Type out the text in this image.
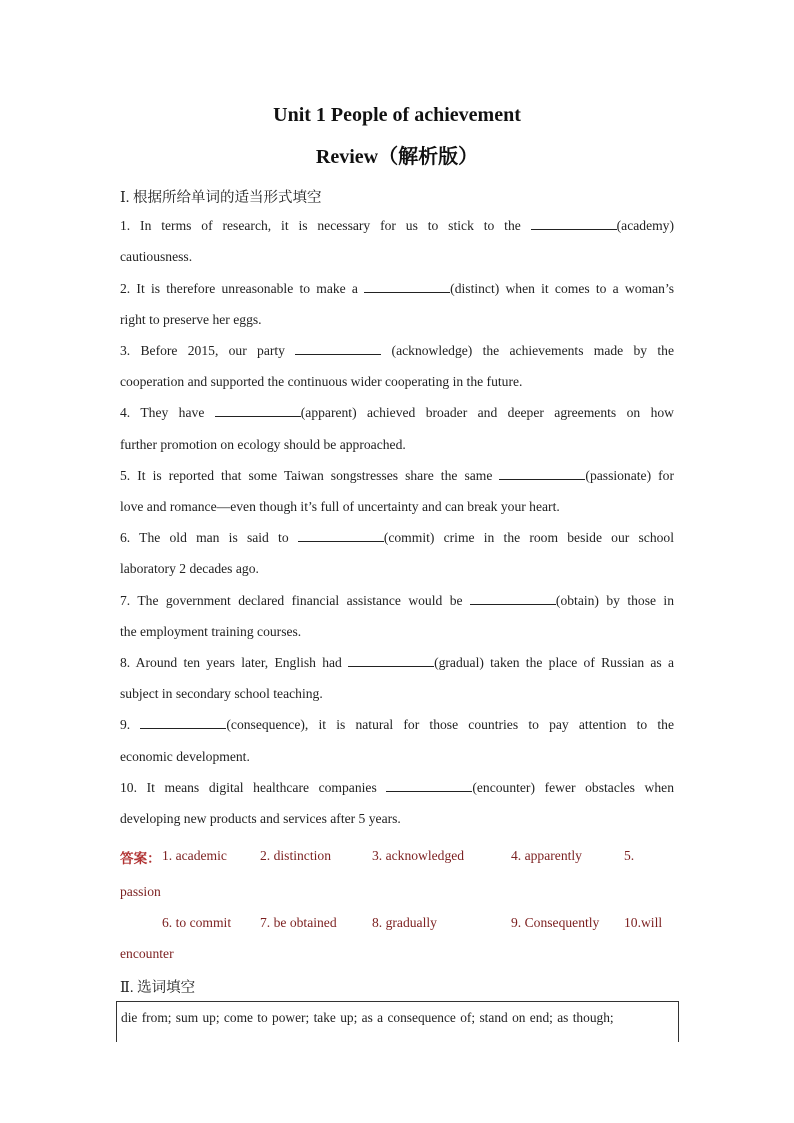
Unit 1 People of achievement
Review（解析版）
Ⅰ. 根据所给单词的适当形式填空
1. In terms of research, it is necessary for us to stick to the	(academy)
cautiousness.
2. It is therefore unreasonable to make a	(distinct) when it comes to a woman’s
right to preserve her eggs.
3. Before 2015, our party	(acknowledge) the achievements made by the
cooperation and supported the continuous wider cooperating in the future.
4. They have	(apparent) achieved broader and deeper agreements on how
further promotion on ecology should be approached.
5. It is reported that some Taiwan songstresses share the same	(passionate) for
love and romance—even though it’s full of uncertainty and can break your heart.
6. The old man is said to	(commit) crime in the room beside our school
laboratory 2 decades ago.
7. The government declared financial assistance would be	(obtain) by those in
the employment training courses.
8. Around ten years later, English had	(gradual) taken the place of Russian as a
subject in secondary school teaching.
9.	(consequence), it is natural for those countries to pay attention to the
economic development.
10. It means digital healthcare companies	(encounter) fewer obstacles when
developing new products and services after 5 years.
答案： 1. academic 2. distinction	3. acknowledged	4. apparently	5.
passion
6. to commit 7. be obtained	8. gradually	9. Consequently 10.will
encounter
Ⅱ. 选词填空
die from; sum up; come to power; take up; as a consequence of; stand on end; as though;
